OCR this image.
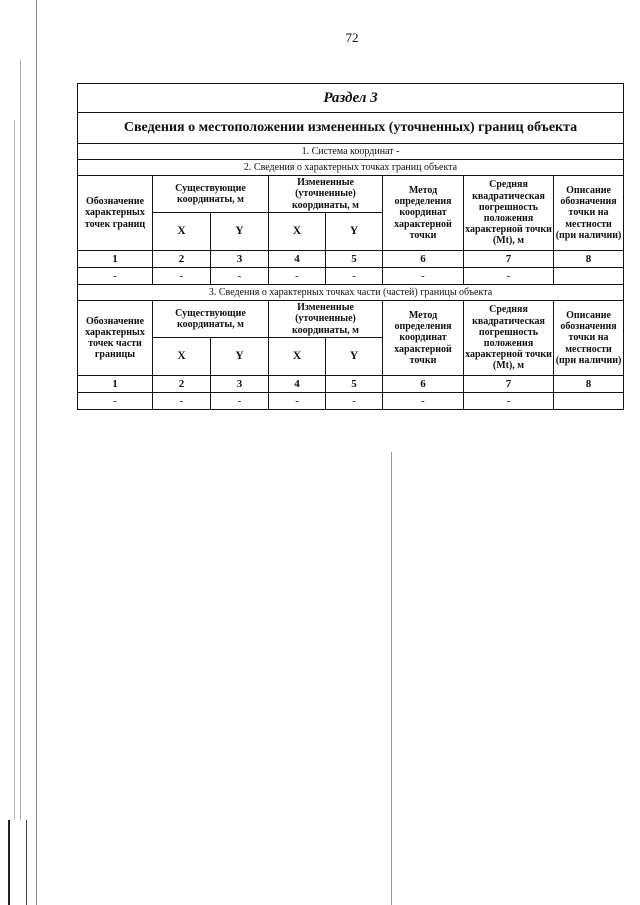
72
Раздел 3							
Сведения о местоположении измененных (уточненных) границ объекта							
1. Система координат -							
2. Сведения о характерных точках границ объекта							
Обозначение характерных точек границ	Существующие координаты, м		Измененные (уточненные) координаты, м		Метод определения координат характерной точки	Средняя квадратическая погрешность положения характерной точки (Mt), м	Описание обозначения точки на местности (при наличии)
	X	Y	X	Y			
1	2	3	4	5	6	7	8
-	-	-	-	-	-	-	
3. Сведения о характерных точках части (частей) границы объекта							
Обозначение характерных точек части границы	Существующие координаты, м		Измененные (уточненные) координаты, м		Метод определения координат характерной точки	Средняя квадратическая погрешность положения характерной точки (Mt), м	Описание обозначения точки на местности (при наличии)
	X	Y	X	Y			
1	2	3	4	5	6	7	8
-	-	-	-	-	-	-	
